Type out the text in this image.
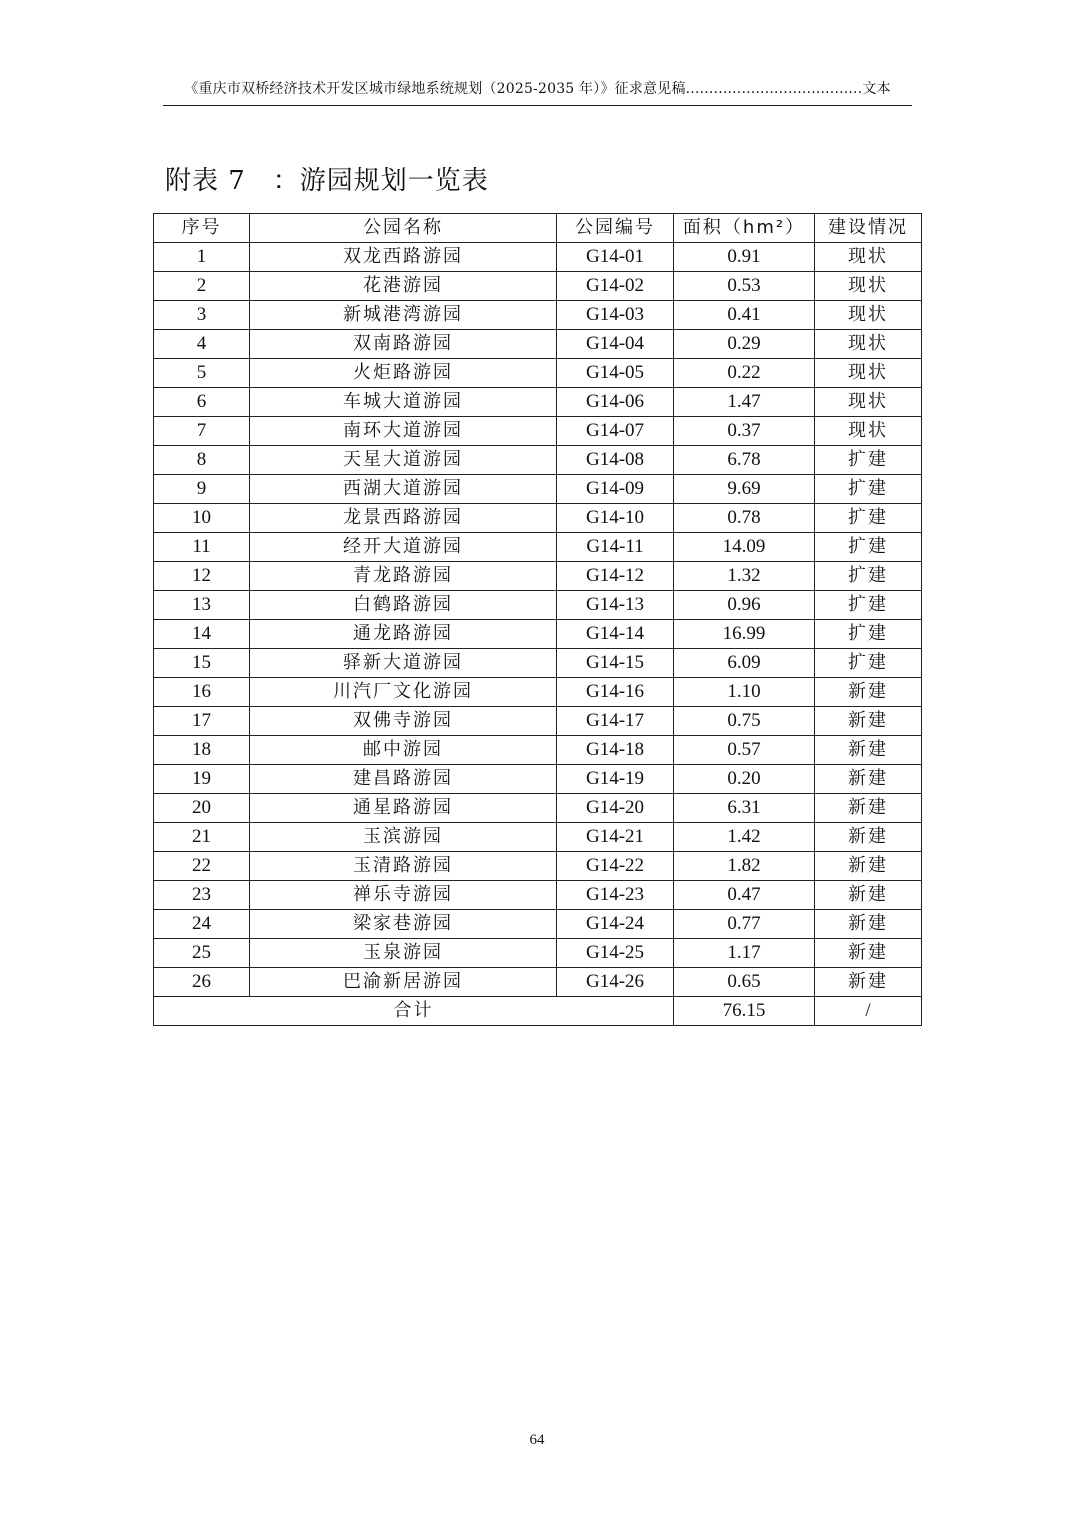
《重庆市双桥经济技术开发区城市绿地系统规划（2025-2035 年）》征求意见稿......................................文本
附表 7　：游园规划一览表
序号	公园名称	公园编号	面积（hm²）	建设情况
1	双龙西路游园	G14-01	0.91	现状
2	花港游园	G14-02	0.53	现状
3	新城港湾游园	G14-03	0.41	现状
4	双南路游园	G14-04	0.29	现状
5	火炬路游园	G14-05	0.22	现状
6	车城大道游园	G14-06	1.47	现状
7	南环大道游园	G14-07	0.37	现状
8	天星大道游园	G14-08	6.78	扩建
9	西湖大道游园	G14-09	9.69	扩建
10	龙景西路游园	G14-10	0.78	扩建
11	经开大道游园	G14-11	14.09	扩建
12	青龙路游园	G14-12	1.32	扩建
13	白鹤路游园	G14-13	0.96	扩建
14	通龙路游园	G14-14	16.99	扩建
15	驿新大道游园	G14-15	6.09	扩建
16	川汽厂文化游园	G14-16	1.10	新建
17	双佛寺游园	G14-17	0.75	新建
18	邮中游园	G14-18	0.57	新建
19	建昌路游园	G14-19	0.20	新建
20	通星路游园	G14-20	6.31	新建
21	玉滨游园	G14-21	1.42	新建
22	玉清路游园	G14-22	1.82	新建
23	禅乐寺游园	G14-23	0.47	新建
24	梁家巷游园	G14-24	0.77	新建
25	玉泉游园	G14-25	1.17	新建
26	巴渝新居游园	G14-26	0.65	新建
合计			76.15	/
64
